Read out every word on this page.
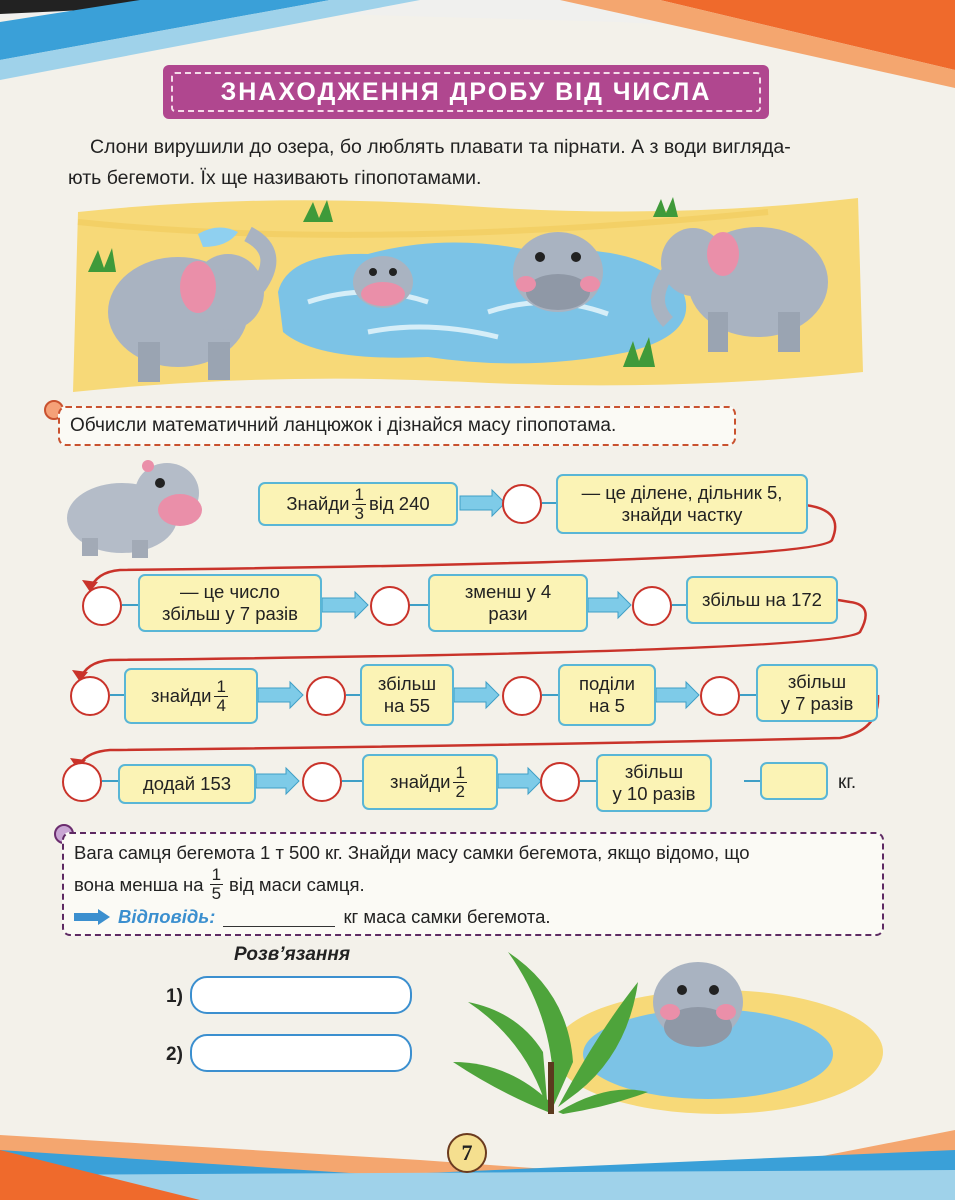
ЗНАХОДЖЕННЯ ДРОБУ ВІД ЧИСЛА
Слони вирушили до озера, бо люблять плавати та пірнати. А з води вигляда-
ють бегемоти. Їх ще називають гіпопотамами.
Обчисли математичний ланцюжок і дізнайся масу гіпопотама.
Знайди $\frac{1}{3}$ від 240
— це ділене, дільник 5,
знайди частку
— це число
збільш у 7 разів
зменш у 4
рази
збільш на 172
знайди $\frac{1}{4}$	збільш
на 55
поділи
на 5
збільш
у 7 разів
додай 153	знайди $\frac{1}{2}$	збільш
у 10 разів
кг.
Вага самця бегемота 1 т 500 кг. Знайди масу самки бегемота, якщо відомо, що
вона менша на $\frac{1}{5}$ від маси самця.
Відповідь:	кг маса самки бегемота.
Розв’язання
1)
2)
7
